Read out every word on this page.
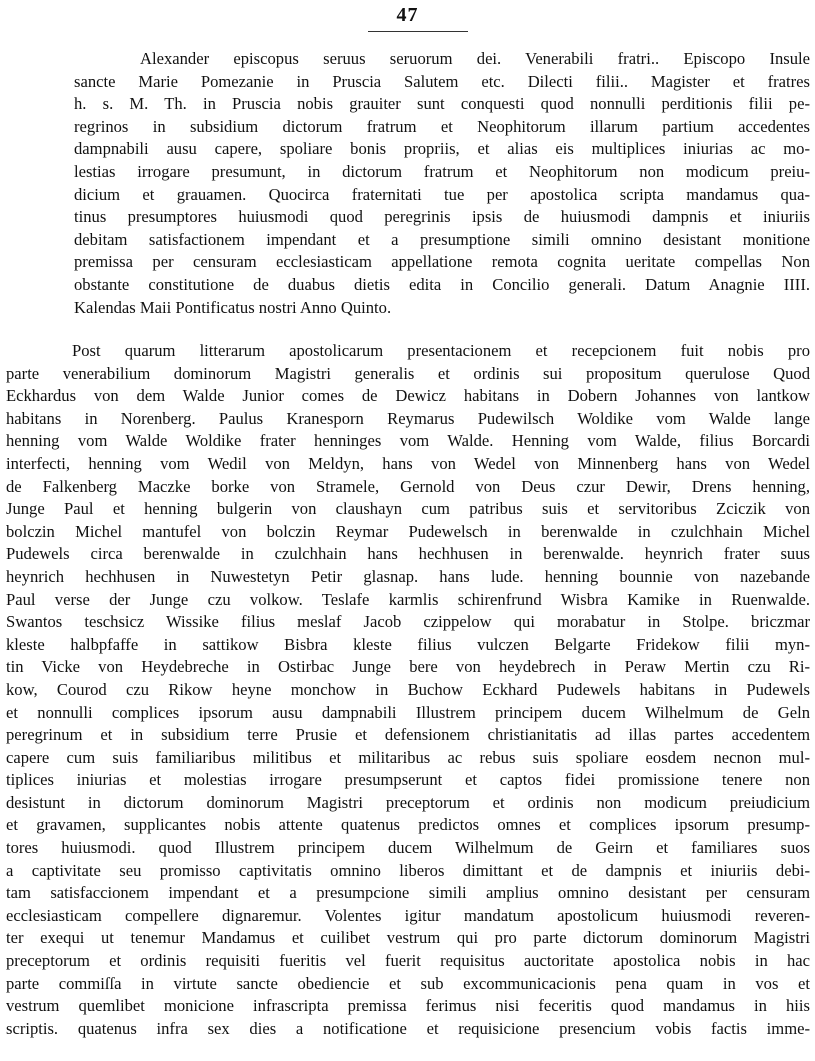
47
Alexander episcopus seruus seruorum dei. Venerabili fratri.. Episcopo Insule
sancte Marie Pomezanie in Prusсia Salutem etc. Dilecti filii.. Magister et fratres
h. s. M. Th. in Prusсia nobis grauiter sunt conquesti quod nonnulli perditionis filii pe-
regrinos in subsidium dictorum fratrum et Neophitorum illarum partium accedentes
dampnabili ausu capere, spoliare bonis propriis, et alias eis multiplices iniurias ac mo-
lestias irrogare presumunt, in dictorum fratrum et Neophitorum non modicum preiu-
dicium et grauamen. Quocirca fraternitati tue per apostolica scripta mandamus qua-
tinus presumptores huiusmodi quod peregrinis ipsis de huiusmodi dampnis et iniuriis
debitam satisfactionem impendant et a presumptione simili omnino desistant monitione
premissa per censuram ecclesiasticam appellatione remota cognita ueritate compellas Non
obstante constitutione de duabus dietis edita in Concilio generali. Datum Anagnie IIII.
Kalendas Maii Pontificatus nostri Anno Quinto.
Post quarum litterarum apostolicarum presentacionem et recepcionem fuit nobis pro
parte venerabilium dominorum Magistri generalis et ordinis sui propositum querulose Quod
Eckhardus von dem Walde Junior comes de Dewicz habitans in Dobern Johannes von lantkow
habitans in Norenberg. Paulus Kranesporn Reymarus Pudewilsch Woldike vom Walde lange
henning vom Walde Woldike frater henninges vom Walde. Henning vom Walde, filius Borcardi
interfecti, henning vom Wedil von Meldyn, hans von Wedel von Minnenberg hans von Wedel
de Falkenberg Maczke borke von Stramele, Gernold von Deus czur Dewir, Drens henning,
Junge Paul et henning bulgerin von claushayn cum patribus suis et servitoribus Zciczik von
bolczin Michel mantufel von bolczin Reymar Pudewelsch in berenwalde in czulchhain Michel
Pudewels circa berenwalde in czulchhain hans hechhusen in berenwalde. heynrich frater suus
heynrich hechhusen in Nuwestetyn Petir glasnap. hans lude. henning bounnie von nazebande
Paul verse der Junge czu volkow. Teslafe karmlis schirenfrund Wisbra Kamike in Ruenwalde.
Swantos teschsicz Wissike filius meslaf Jacob czippelow qui morabatur in Stolpe. briczmar
kleste halbpfaffe in sattikow Bisbra kleste filius vulczen Belgarte Fridekow filii myn-
tin Vicke von Heydebreche in Ostirbac Junge bere von heydebrech in Peraw Mertin czu Ri-
kow, Courod czu Rikow heyne monchow in Buchow Eckhard Pudewels habitans in Pudewels
et nonnulli complices ipsorum ausu dampnabili Illustrem principem ducem Wilhelmum de Geln
peregrinum et in subsidium terre Prusie et defensionem christianitatis ad illas partes accedentem
capere cum suis familiaribus militibus et militaribus ac rebus suis spoliare eosdem necnon mul-
tiplices iniurias et molestias irrogare presumpserunt et captos fidei promissione tenere non
desistunt in dictorum dominorum Magistri preceptorum et ordinis non modicum preiudicium
et gravamen, supplicantes nobis attente quatenus predictos omnes et complices ipsorum presump-
tores huiusmodi. quod Illustrem principem ducem Wilhelmum de Geirn et familiares suos
a captivitate seu promisso captivitatis omnino liberos dimittant et de dampnis et iniuriis debi-
tam satisfaccionem impendant et a presumpcione simili amplius omnino desistant per censuram
ecclesiasticam compellere dignaremur. Volentes igitur mandatum apostolicum huiusmodi reveren-
ter exequi ut tenemur Mandamus et cuilibet vestrum qui pro parte dictorum dominorum Magistri
preceptorum et ordinis requisiti fueritis vel fuerit requisitus auctoritate apostolica nobis in hac
parte commiſſa in virtute sancte obediencie et sub excommunicacionis pena quam in vos et
vestrum quemlibet monicione infrascripta premissa ferimus nisi feceritis quod mandamus in hiis
scriptis. quatenus infra sex dies a notificatione et requisicione presencium vobis factis imme-
